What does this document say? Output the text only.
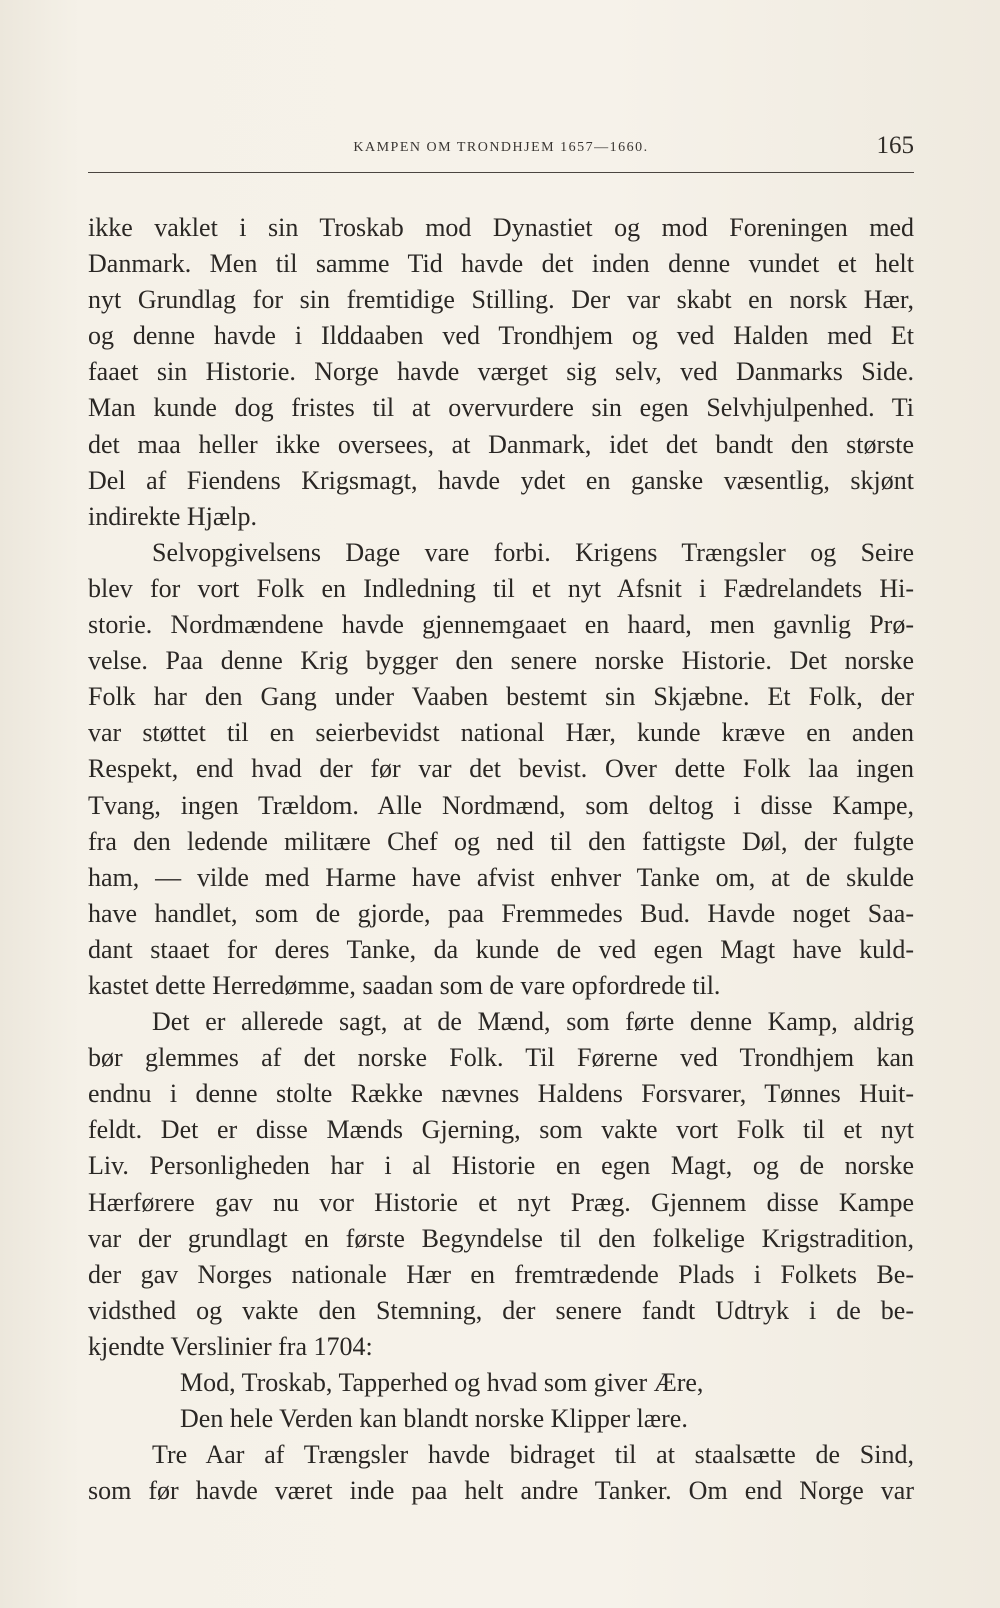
KAMPEN OM TRONDHJEM 1657—1660.	165
ikke vaklet i sin Troskab mod Dynastiet og mod Foreningen med
Danmark. Men til samme Tid havde det inden denne vundet et helt
nyt Grundlag for sin fremtidige Stilling. Der var skabt en norsk Hær,
og denne havde i Ilddaaben ved Trondhjem og ved Halden med Et
faaet sin Historie. Norge havde værget sig selv, ved Danmarks Side.
Man kunde dog fristes til at overvurdere sin egen Selvhjulpenhed. Ti
det maa heller ikke oversees, at Danmark, idet det bandt den største
Del af Fiendens Krigsmagt, havde ydet en ganske væsentlig, skjønt
indirekte Hjælp.
Selvopgivelsens Dage vare forbi. Krigens Trængsler og Seire
blev for vort Folk en Indledning til et nyt Afsnit i Fædrelandets Hi-
storie. Nordmændene havde gjennemgaaet en haard, men gavnlig Prø-
velse. Paa denne Krig bygger den senere norske Historie. Det norske
Folk har den Gang under Vaaben bestemt sin Skjæbne. Et Folk, der
var støttet til en seierbevidst national Hær, kunde kræve en anden
Respekt, end hvad der før var det bevist. Over dette Folk laa ingen
Tvang, ingen Trældom. Alle Nordmænd, som deltog i disse Kampe,
fra den ledende militære Chef og ned til den fattigste Døl, der fulgte
ham, — vilde med Harme have afvist enhver Tanke om, at de skulde
have handlet, som de gjorde, paa Fremmedes Bud. Havde noget Saa-
dant staaet for deres Tanke, da kunde de ved egen Magt have kuld-
kastet dette Herredømme, saadan som de vare opfordrede til.
Det er allerede sagt, at de Mænd, som førte denne Kamp, aldrig
bør glemmes af det norske Folk. Til Førerne ved Trondhjem kan
endnu i denne stolte Række nævnes Haldens Forsvarer, Tønnes Huit-
feldt. Det er disse Mænds Gjerning, som vakte vort Folk til et nyt
Liv. Personligheden har i al Historie en egen Magt, og de norske
Hærførere gav nu vor Historie et nyt Præg. Gjennem disse Kampe
var der grundlagt en første Begyndelse til den folkelige Krigstradition,
der gav Norges nationale Hær en fremtrædende Plads i Folkets Be-
vidsthed og vakte den Stemning, der senere fandt Udtryk i de be-
kjendte Verslinier fra 1704:
Mod, Troskab, Tapperhed og hvad som giver Ære,
Den hele Verden kan blandt norske Klipper lære.
Tre Aar af Trængsler havde bidraget til at staalsætte de Sind,
som før havde været inde paa helt andre Tanker. Om end Norge var
